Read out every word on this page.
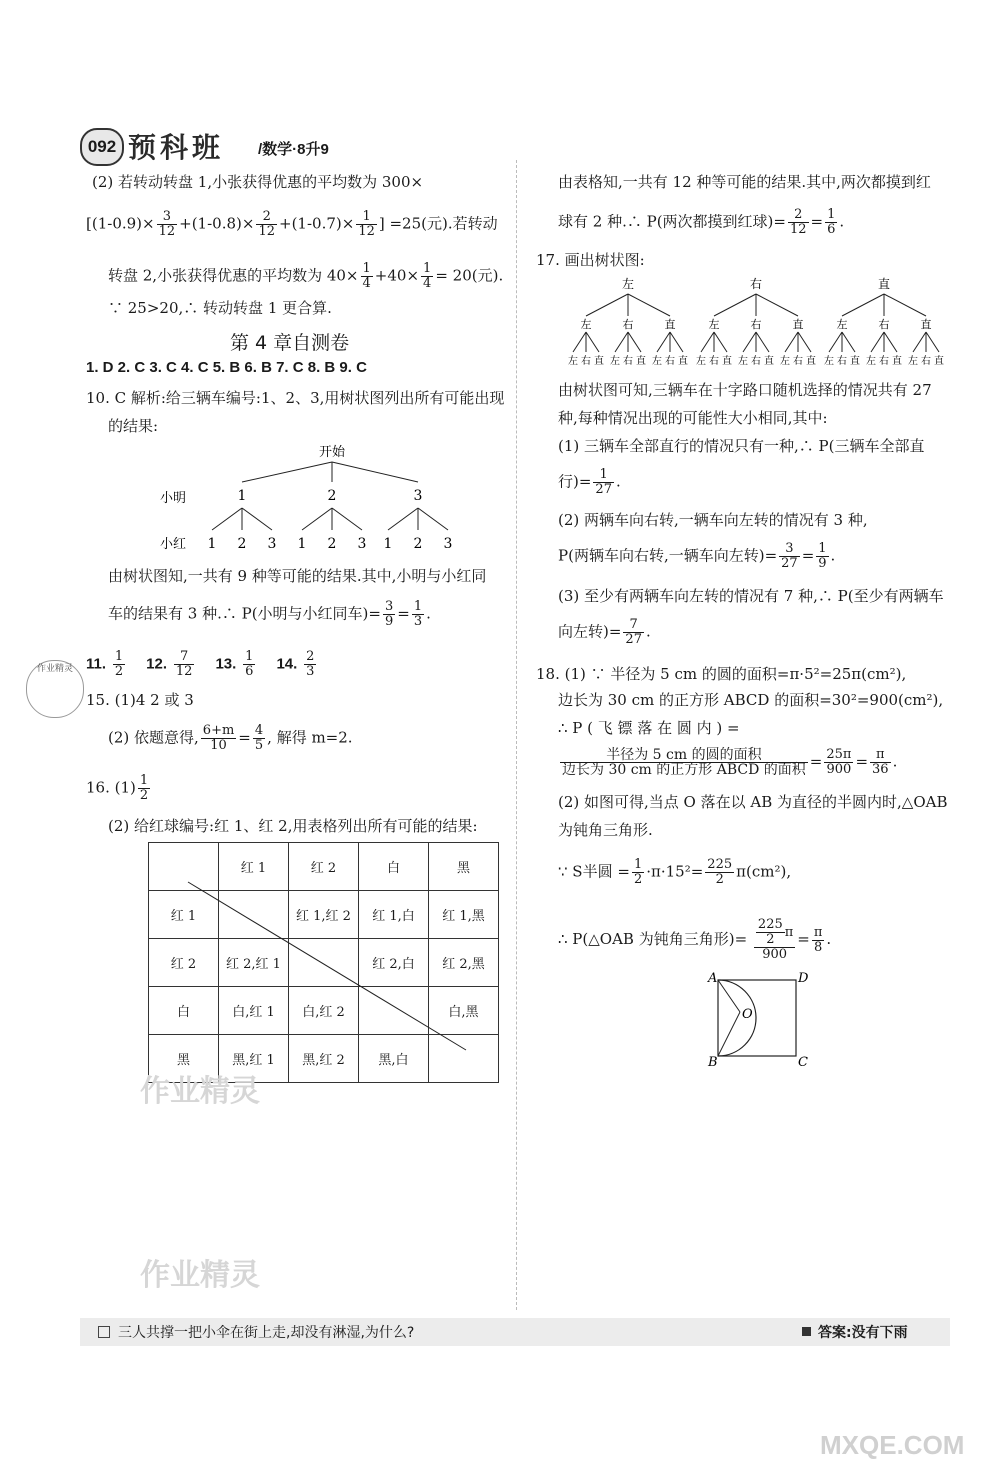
092 预科班 /数学·8升9
(2) 若转动转盘 1,小张获得优惠的平均数为 300×
[$(1-0.9)\times \frac{3}{12} +(1-0.8)\times \frac{2}{12} +(1-0.7)\times \frac{1}{12}$ ] =25(元).若转动
转盘 2,小张获得优惠的平均数为 $40\times \frac{1}{4} +40\times \frac{1}{4} = 20$(元).
∵ 25>20,∴ 转动转盘 1 更合算.
第 4 章自测卷
1. D 2. C 3. C 4. C 5. B 6. B 7. C 8. B 9. C
10. C 解析:给三辆车编号:1、2、3,用树状图列出所有可能出现
的结果:
开始
小明	1	2	3
小红 1 2 3 1 2 3 1 2 3
由树状图知,一共有 9 种等可能的结果.其中,小明与小红同
车的结果有 3 种.∴ P(小明与小红同车)= $\frac{3}{9} = \frac{1}{3}$ .
11. $\frac{1}{2} 12$. $\frac{7}{12} 13$. $\frac{1}{6} 14$. $\frac{2}{3}$
作业精灵
15. (1)4 2 或 3
(2) 依题意得, $\frac{6+m}{10} = \frac{4}{5}$ , 解得 m=2.
16. $(1) \frac{1}{2}$
(2) 给红球编号:红 1、红 2,用表格列出所有可能的结果:
	红 1	红 2	白	黑
红 1		红 1,红 2	红 1,白	红 1,黑
红 2	红 2,红 1		红 2,白	红 2,黑
白	白,红 1	白,红 2		白,黑
黑	黑,红 1	黑,红 2	黑,白	
作业精灵
作业精灵
由表格知,一共有 12 种等可能的结果.其中,两次都摸到红
球有 2 种.∴ P(两次都摸到红球)= $\frac{2}{12} = \frac{1}{6}$ .
17. 画出树状图:
左
左
左 右 直
右
左 右 直
直
左 右 直
右
左
左 右 直
右
左 右 直
直
左 右 直
直
左
左 右 直
右
左 右 直
直
左 右 直
由树状图可知,三辆车在十字路口随机选择的情况共有 27
种,每种情况出现的可能性大小相同,其中:
(1) 三辆车全部直行的情况只有一种,∴ P(三辆车全部直
行)= $\frac{1}{27}$ .
(2) 两辆车向右转,一辆车向左转的情况有 3 种,
P(两辆车向右转,一辆车向左转)= $\frac{3}{27} = \frac{1}{9}$ .
(3) 至少有两辆车向左转的情况有 7 种,∴ P(至少有两辆车
向左转)= $\frac{7}{27}$ .
18. (1) ∵ 半径为 5 cm 的圆的面积=π·5²=25π(cm²),
边长为 30 cm 的正方形 ABCD 的面积=30²=900(cm²),
∴ P ( 飞 镖 落 在 圆 内 ) =
$\frac{\text{半径为 5 cm 的圆的面积}}{\text{边长为 30 cm 的正方形 ABCD 的面积}} = \frac{25\pi}{900} = \frac{\pi}{36}$ .
(2) 如图可得,当点 O 落在以 AB 为直径的半圆内时,△OAB
为钝角三角形.
∵ S半圆 = $\frac{1}{2} \cdot\pi\cdot 15^2= \frac{225}{2} \pi(cm^2)$,
∴ P(△OAB 为钝角三角形)= $\frac{\frac{225}{2} \pi}{900} = \frac{\pi}{8}$ .
A	D
B	C
O
三人共撑一把小伞在街上走,却没有淋湿,为什么?	答案:没有下雨
MXQE.COM
